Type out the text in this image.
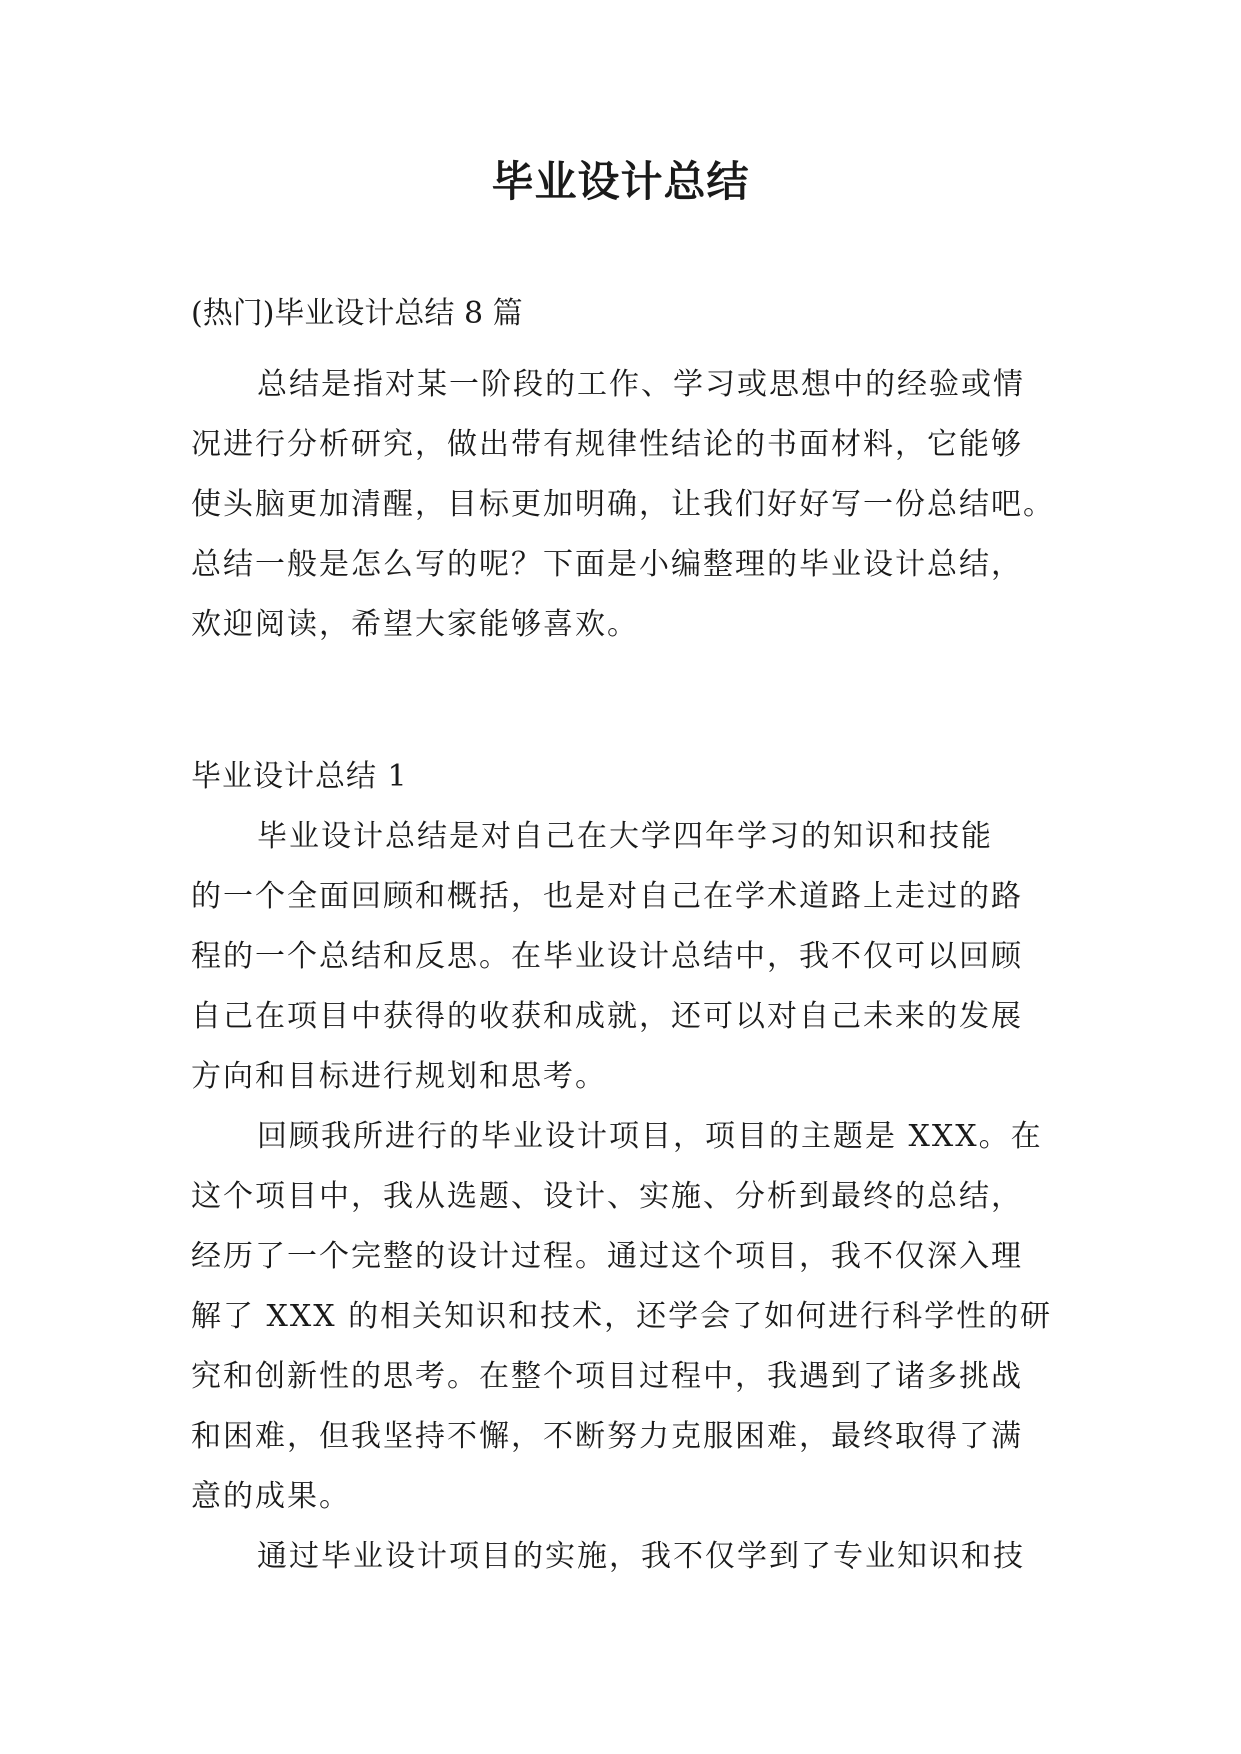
毕业设计总结

(热门)毕业设计总结 8 篇

总结是指对某一阶段的工作、学习或思想中的经验或情
况进行分析研究，做出带有规律性结论的书面材料，它能够
使头脑更加清醒，目标更加明确，让我们好好写一份总结吧。
总结一般是怎么写的呢？下面是小编整理的毕业设计总结，
欢迎阅读，希望大家能够喜欢。

毕业设计总结 1

毕业设计总结是对自己在大学四年学习的知识和技能
的一个全面回顾和概括，也是对自己在学术道路上走过的路
程的一个总结和反思。在毕业设计总结中，我不仅可以回顾
自己在项目中获得的收获和成就，还可以对自己未来的发展
方向和目标进行规划和思考。
回顾我所进行的毕业设计项目，项目的主题是 XXX。在
这个项目中，我从选题、设计、实施、分析到最终的总结，
经历了一个完整的设计过程。通过这个项目，我不仅深入理
解了 XXX 的相关知识和技术，还学会了如何进行科学性的研
究和创新性的思考。在整个项目过程中，我遇到了诸多挑战
和困难，但我坚持不懈，不断努力克服困难，最终取得了满
意的成果。
通过毕业设计项目的实施，我不仅学到了专业知识和技
